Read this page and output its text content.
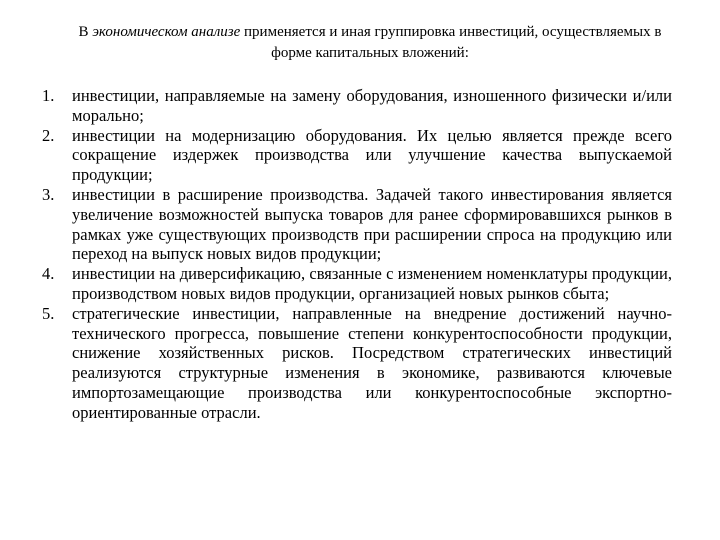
В экономическом анализе применяется и иная группировка инвестиций, осуществляемых в форме капитальных вложений:

1.	инвестиции, направляемые на замену оборудования, изношенного физически и/или морально;
2.	инвестиции на модернизацию оборудования. Их целью является прежде всего сокращение издержек производства или улучшение качества выпускаемой продукции;
3.	инвестиции в расширение производства. Задачей такого инвестирования является увеличение возможностей выпуска товаров для ранее сформировавшихся рынков в рамках уже существующих производств при расширении спроса на продукцию или переход на выпуск новых видов продукции;
4.	инвестиции на диверсификацию, связанные с изменением номенклатуры продукции, производством новых видов продукции, организацией новых рынков сбыта;
5.	стратегические инвестиции, направленные на внедрение достижений научно-технического прогресса, повышение степени конкурентоспособности продукции, снижение хозяйственных рисков. Посредством стратегических инвестиций реализуются структурные изменения в экономике, развиваются ключевые импортозамещающие производства или конкурентоспособные экспортно-ориентированные отрасли.
